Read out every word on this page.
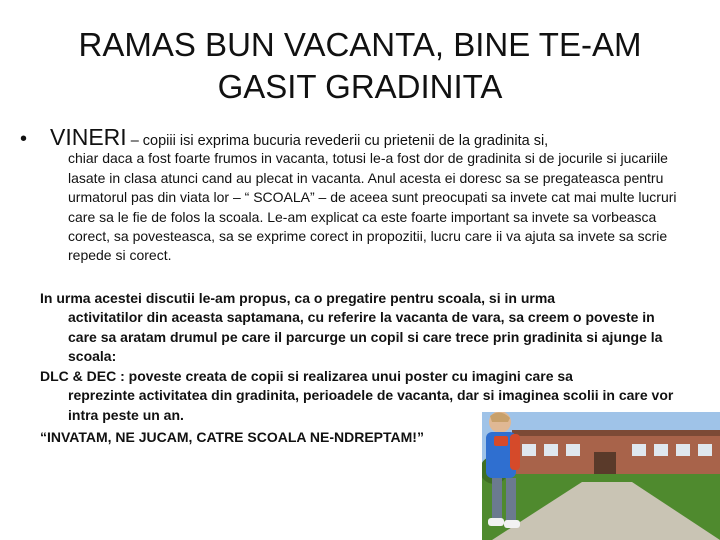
RAMAS BUN VACANTA, BINE TE-AM GASIT GRADINITA

• VINERI – copiii isi exprima bucuria revederii cu prietenii de la gradinita si,
chiar daca a fost foarte frumos in vacanta, totusi le-a fost dor de gradinita si de jocurile si jucariile lasate in clasa atunci cand au plecat in vacanta. Anul acesta ei doresc sa se pregateasca pentru urmatorul pas din viata lor – “ SCOALA” – de aceea sunt preocupati sa invete cat mai multe lucruri care sa le fie de folos la scoala. Le-am explicat ca este foarte important sa invete sa vorbeasca corect, sa povesteasca, sa se exprime corect in propozitii, lucru care ii va ajuta sa invete sa scrie repede si corect.

In urma acestei discutii le-am propus, ca o pregatire pentru scoala, si in urma
activitatilor din aceasta saptamana, cu referire la vacanta de vara, sa creem o poveste in care sa aratam drumul pe care il parcurge un copil si care trece prin gradinita si ajunge la scoala:

DLC & DEC : poveste creata de copii si realizarea unui poster cu imagini care sa
reprezinte activitatea din gradinita, perioadele de vacanta, dar si imaginea scolii in care vor intra peste un an.

“INVATAM, NE JUCAM, CATRE SCOALA NE-NDREPTAM!”
